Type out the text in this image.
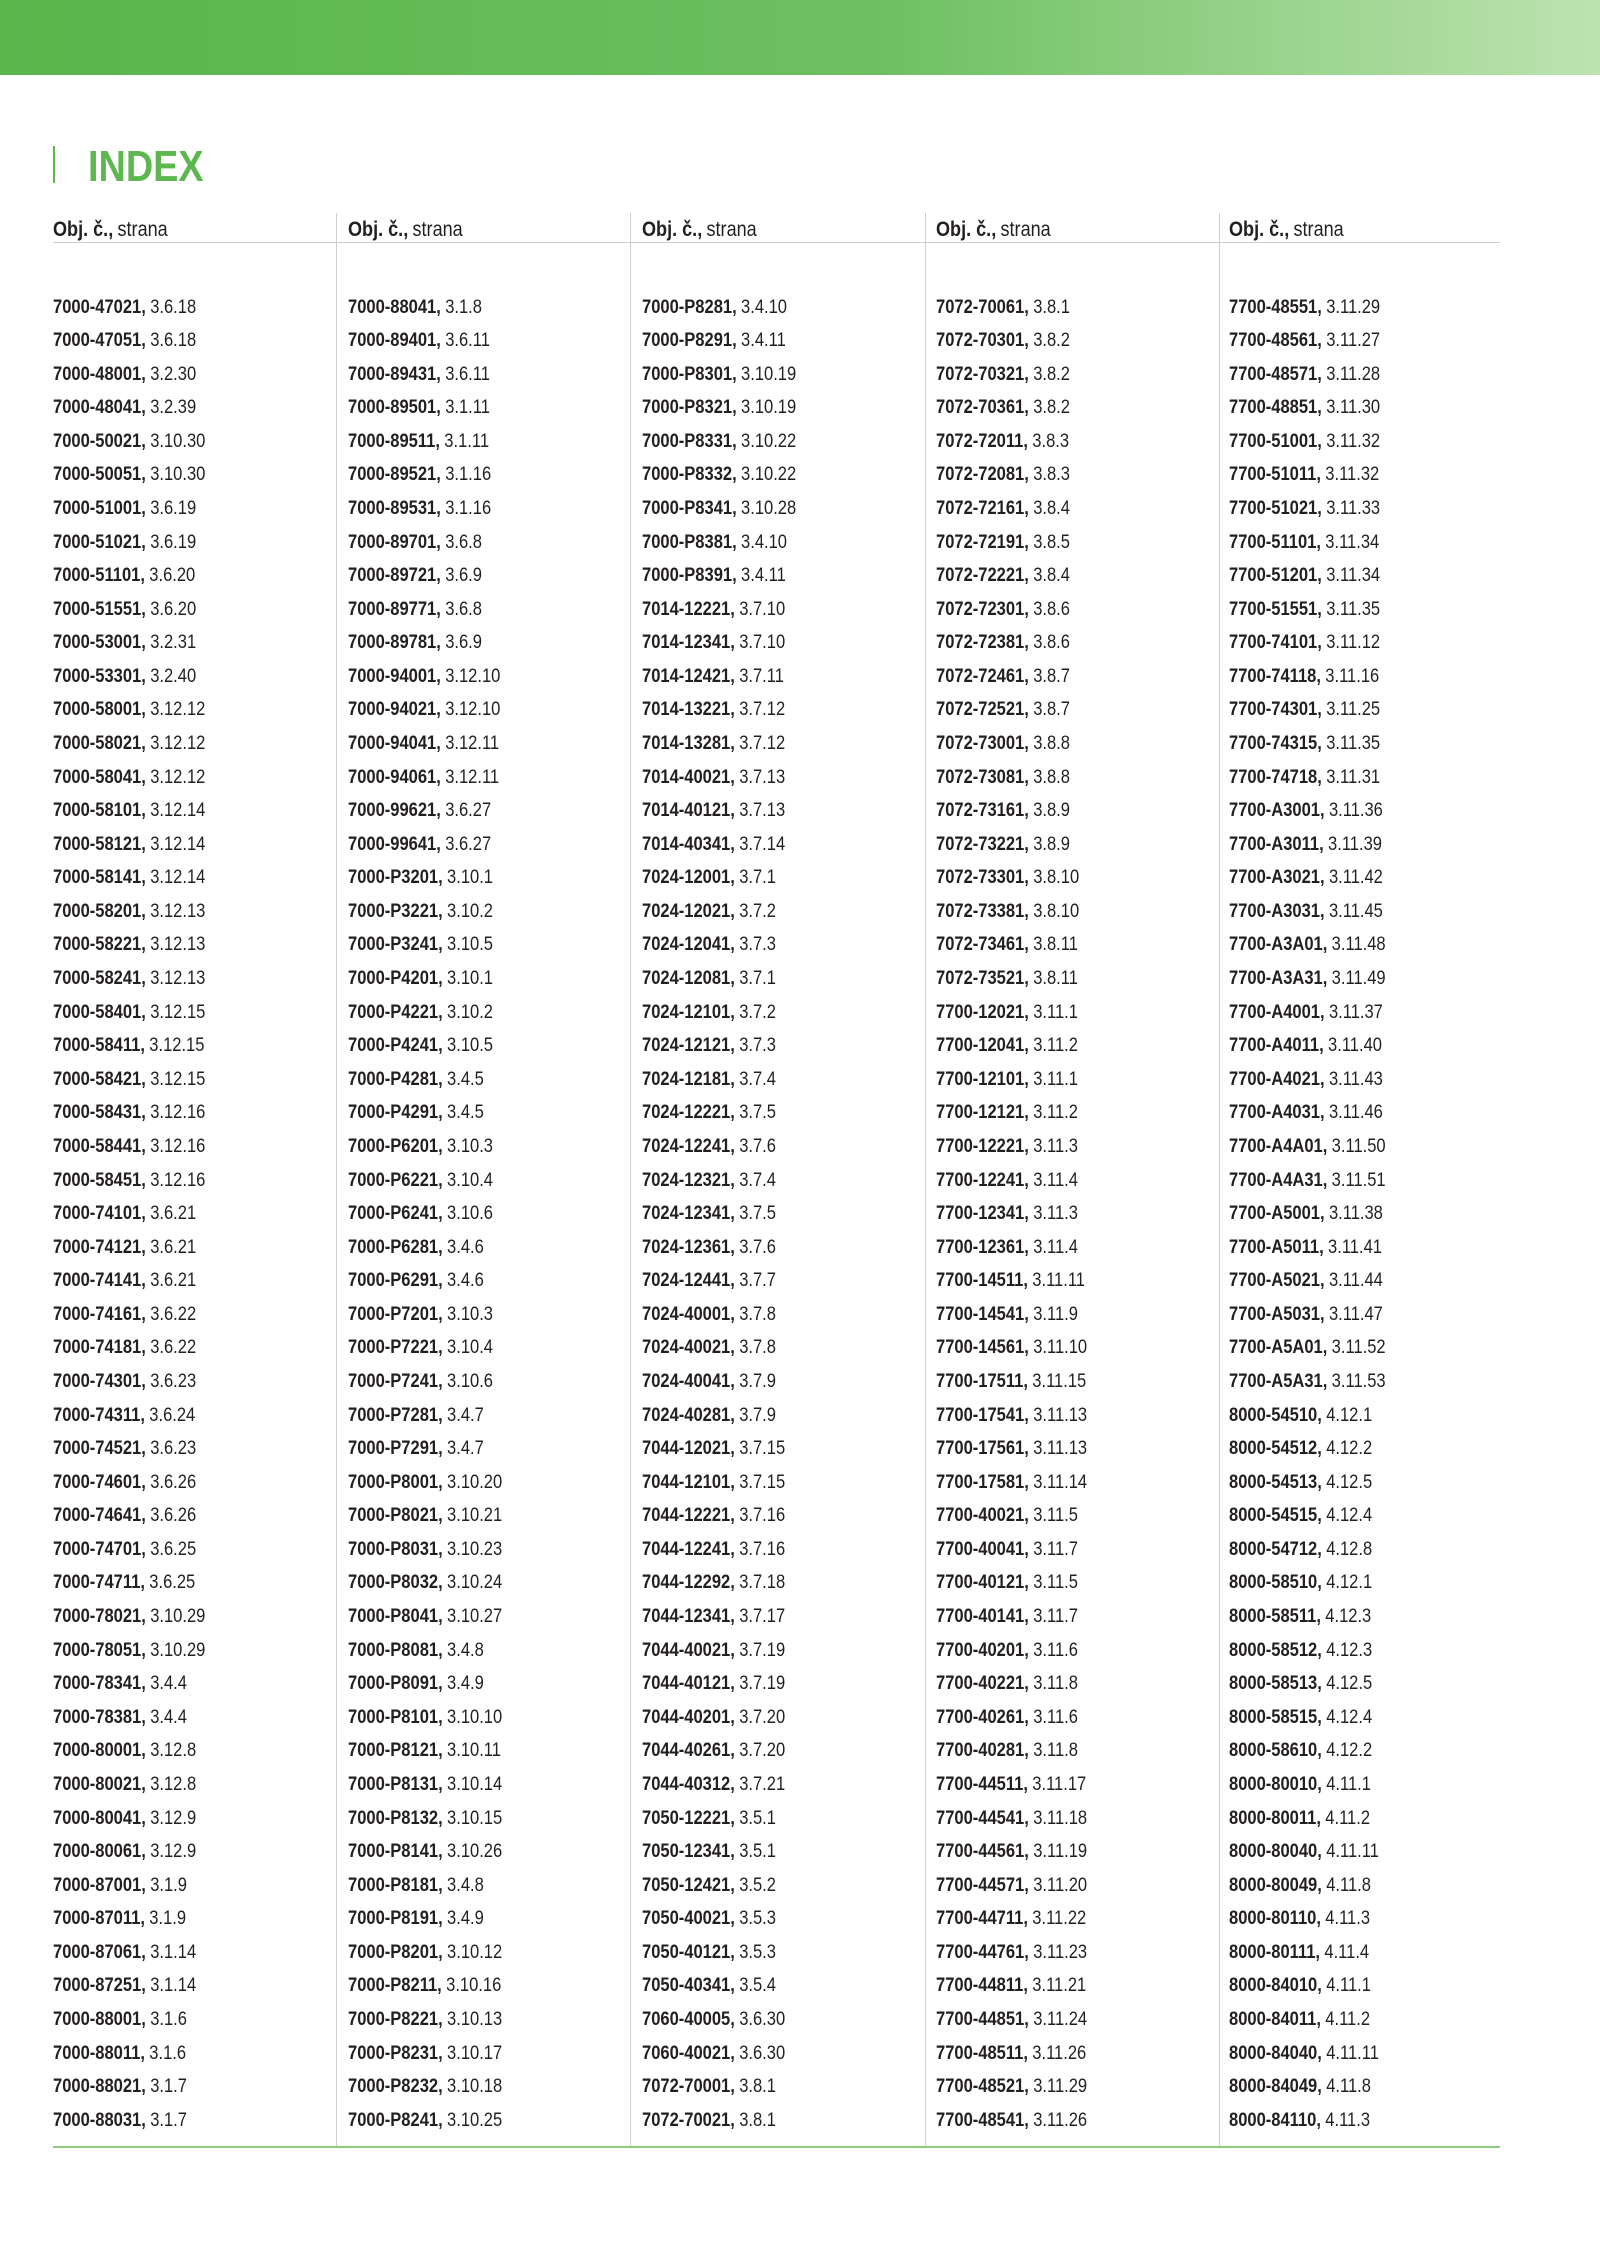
INDEX
Obj. č., strana
7000-47021 , 3.6.18
7000-47051 , 3.6.18
7000-48001 , 3.2.30
7000-48041 , 3.2.39
7000-50021 , 3.10.30
7000-50051 , 3.10.30
7000-51001 , 3.6.19
7000-51021 , 3.6.19
7000-51101 , 3.6.20
7000-51551 , 3.6.20
7000-53001 , 3.2.31
7000-53301 , 3.2.40
7000-58001 , 3.12.12
7000-58021 , 3.12.12
7000-58041 , 3.12.12
7000-58101 , 3.12.14
7000-58121 , 3.12.14
7000-58141 , 3.12.14
7000-58201 , 3.12.13
7000-58221 , 3.12.13
7000-58241 , 3.12.13
7000-58401 , 3.12.15
7000-58411 , 3.12.15
7000-58421 , 3.12.15
7000-58431 , 3.12.16
7000-58441 , 3.12.16
7000-58451 , 3.12.16
7000-74101 , 3.6.21
7000-74121 , 3.6.21
7000-74141 , 3.6.21
7000-74161 , 3.6.22
7000-74181 , 3.6.22
7000-74301 , 3.6.23
7000-74311 , 3.6.24
7000-74521 , 3.6.23
7000-74601 , 3.6.26
7000-74641 , 3.6.26
7000-74701 , 3.6.25
7000-74711 , 3.6.25
7000-78021 , 3.10.29
7000-78051 , 3.10.29
7000-78341 , 3.4.4
7000-78381 , 3.4.4
7000-80001 , 3.12.8
7000-80021 , 3.12.8
7000-80041 , 3.12.9
7000-80061 , 3.12.9
7000-87001 , 3.1.9
7000-87011 , 3.1.9
7000-87061 , 3.1.14
7000-87251 , 3.1.14
7000-88001 , 3.1.6
7000-88011 , 3.1.6
7000-88021 , 3.1.7
7000-88031 , 3.1.7
Obj. č., strana
7000-88041 , 3.1.8
7000-89401 , 3.6.11
7000-89431 , 3.6.11
7000-89501 , 3.1.11
7000-89511 , 3.1.11
7000-89521 , 3.1.16
7000-89531 , 3.1.16
7000-89701 , 3.6.8
7000-89721 , 3.6.9
7000-89771 , 3.6.8
7000-89781 , 3.6.9
7000-94001 , 3.12.10
7000-94021 , 3.12.10
7000-94041 , 3.12.11
7000-94061 , 3.12.11
7000-99621 , 3.6.27
7000-99641 , 3.6.27
7000-P3201 , 3.10.1
7000-P3221 , 3.10.2
7000-P3241 , 3.10.5
7000-P4201 , 3.10.1
7000-P4221 , 3.10.2
7000-P4241 , 3.10.5
7000-P4281 , 3.4.5
7000-P4291 , 3.4.5
7000-P6201 , 3.10.3
7000-P6221 , 3.10.4
7000-P6241 , 3.10.6
7000-P6281 , 3.4.6
7000-P6291 , 3.4.6
7000-P7201 , 3.10.3
7000-P7221 , 3.10.4
7000-P7241 , 3.10.6
7000-P7281 , 3.4.7
7000-P7291 , 3.4.7
7000-P8001 , 3.10.20
7000-P8021 , 3.10.21
7000-P8031 , 3.10.23
7000-P8032 , 3.10.24
7000-P8041 , 3.10.27
7000-P8081 , 3.4.8
7000-P8091 , 3.4.9
7000-P8101 , 3.10.10
7000-P8121 , 3.10.11
7000-P8131 , 3.10.14
7000-P8132 , 3.10.15
7000-P8141 , 3.10.26
7000-P8181 , 3.4.8
7000-P8191 , 3.4.9
7000-P8201 , 3.10.12
7000-P8211 , 3.10.16
7000-P8221 , 3.10.13
7000-P8231 , 3.10.17
7000-P8232 , 3.10.18
7000-P8241 , 3.10.25
Obj. č., strana
7000-P8281 , 3.4.10
7000-P8291 , 3.4.11
7000-P8301 , 3.10.19
7000-P8321 , 3.10.19
7000-P8331 , 3.10.22
7000-P8332 , 3.10.22
7000-P8341 , 3.10.28
7000-P8381 , 3.4.10
7000-P8391 , 3.4.11
7014-12221 , 3.7.10
7014-12341 , 3.7.10
7014-12421 , 3.7.11
7014-13221 , 3.7.12
7014-13281 , 3.7.12
7014-40021 , 3.7.13
7014-40121 , 3.7.13
7014-40341 , 3.7.14
7024-12001 , 3.7.1
7024-12021 , 3.7.2
7024-12041 , 3.7.3
7024-12081 , 3.7.1
7024-12101 , 3.7.2
7024-12121 , 3.7.3
7024-12181 , 3.7.4
7024-12221 , 3.7.5
7024-12241 , 3.7.6
7024-12321 , 3.7.4
7024-12341 , 3.7.5
7024-12361 , 3.7.6
7024-12441 , 3.7.7
7024-40001 , 3.7.8
7024-40021 , 3.7.8
7024-40041 , 3.7.9
7024-40281 , 3.7.9
7044-12021 , 3.7.15
7044-12101 , 3.7.15
7044-12221 , 3.7.16
7044-12241 , 3.7.16
7044-12292 , 3.7.18
7044-12341 , 3.7.17
7044-40021 , 3.7.19
7044-40121 , 3.7.19
7044-40201 , 3.7.20
7044-40261 , 3.7.20
7044-40312 , 3.7.21
7050-12221 , 3.5.1
7050-12341 , 3.5.1
7050-12421 , 3.5.2
7050-40021 , 3.5.3
7050-40121 , 3.5.3
7050-40341 , 3.5.4
7060-40005 , 3.6.30
7060-40021 , 3.6.30
7072-70001 , 3.8.1
7072-70021 , 3.8.1
Obj. č., strana
7072-70061 , 3.8.1
7072-70301 , 3.8.2
7072-70321 , 3.8.2
7072-70361 , 3.8.2
7072-72011 , 3.8.3
7072-72081 , 3.8.3
7072-72161 , 3.8.4
7072-72191 , 3.8.5
7072-72221 , 3.8.4
7072-72301 , 3.8.6
7072-72381 , 3.8.6
7072-72461 , 3.8.7
7072-72521 , 3.8.7
7072-73001 , 3.8.8
7072-73081 , 3.8.8
7072-73161 , 3.8.9
7072-73221 , 3.8.9
7072-73301 , 3.8.10
7072-73381 , 3.8.10
7072-73461 , 3.8.11
7072-73521 , 3.8.11
7700-12021 , 3.11.1
7700-12041 , 3.11.2
7700-12101 , 3.11.1
7700-12121 , 3.11.2
7700-12221 , 3.11.3
7700-12241 , 3.11.4
7700-12341 , 3.11.3
7700-12361 , 3.11.4
7700-14511 , 3.11.11
7700-14541 , 3.11.9
7700-14561 , 3.11.10
7700-17511 , 3.11.15
7700-17541 , 3.11.13
7700-17561 , 3.11.13
7700-17581 , 3.11.14
7700-40021 , 3.11.5
7700-40041 , 3.11.7
7700-40121 , 3.11.5
7700-40141 , 3.11.7
7700-40201 , 3.11.6
7700-40221 , 3.11.8
7700-40261 , 3.11.6
7700-40281 , 3.11.8
7700-44511 , 3.11.17
7700-44541 , 3.11.18
7700-44561 , 3.11.19
7700-44571 , 3.11.20
7700-44711 , 3.11.22
7700-44761 , 3.11.23
7700-44811 , 3.11.21
7700-44851 , 3.11.24
7700-48511 , 3.11.26
7700-48521 , 3.11.29
7700-48541 , 3.11.26
Obj. č., strana
7700-48551 , 3.11.29
7700-48561 , 3.11.27
7700-48571 , 3.11.28
7700-48851 , 3.11.30
7700-51001 , 3.11.32
7700-51011 , 3.11.32
7700-51021 , 3.11.33
7700-51101 , 3.11.34
7700-51201 , 3.11.34
7700-51551 , 3.11.35
7700-74101 , 3.11.12
7700-74118 , 3.11.16
7700-74301 , 3.11.25
7700-74315 , 3.11.35
7700-74718 , 3.11.31
7700-A3001 , 3.11.36
7700-A3011 , 3.11.39
7700-A3021 , 3.11.42
7700-A3031 , 3.11.45
7700-A3A01 , 3.11.48
7700-A3A31 , 3.11.49
7700-A4001 , 3.11.37
7700-A4011 , 3.11.40
7700-A4021 , 3.11.43
7700-A4031 , 3.11.46
7700-A4A01 , 3.11.50
7700-A4A31 , 3.11.51
7700-A5001 , 3.11.38
7700-A5011 , 3.11.41
7700-A5021 , 3.11.44
7700-A5031 , 3.11.47
7700-A5A01 , 3.11.52
7700-A5A31 , 3.11.53
8000-54510 , 4.12.1
8000-54512 , 4.12.2
8000-54513 , 4.12.5
8000-54515 , 4.12.4
8000-54712 , 4.12.8
8000-58510 , 4.12.1
8000-58511 , 4.12.3
8000-58512 , 4.12.3
8000-58513 , 4.12.5
8000-58515 , 4.12.4
8000-58610 , 4.12.2
8000-80010 , 4.11.1
8000-80011 , 4.11.2
8000-80040 , 4.11.11
8000-80049 , 4.11.8
8000-80110 , 4.11.3
8000-80111 , 4.11.4
8000-84010 , 4.11.1
8000-84011 , 4.11.2
8000-84040 , 4.11.11
8000-84049 , 4.11.8
8000-84110 , 4.11.3
